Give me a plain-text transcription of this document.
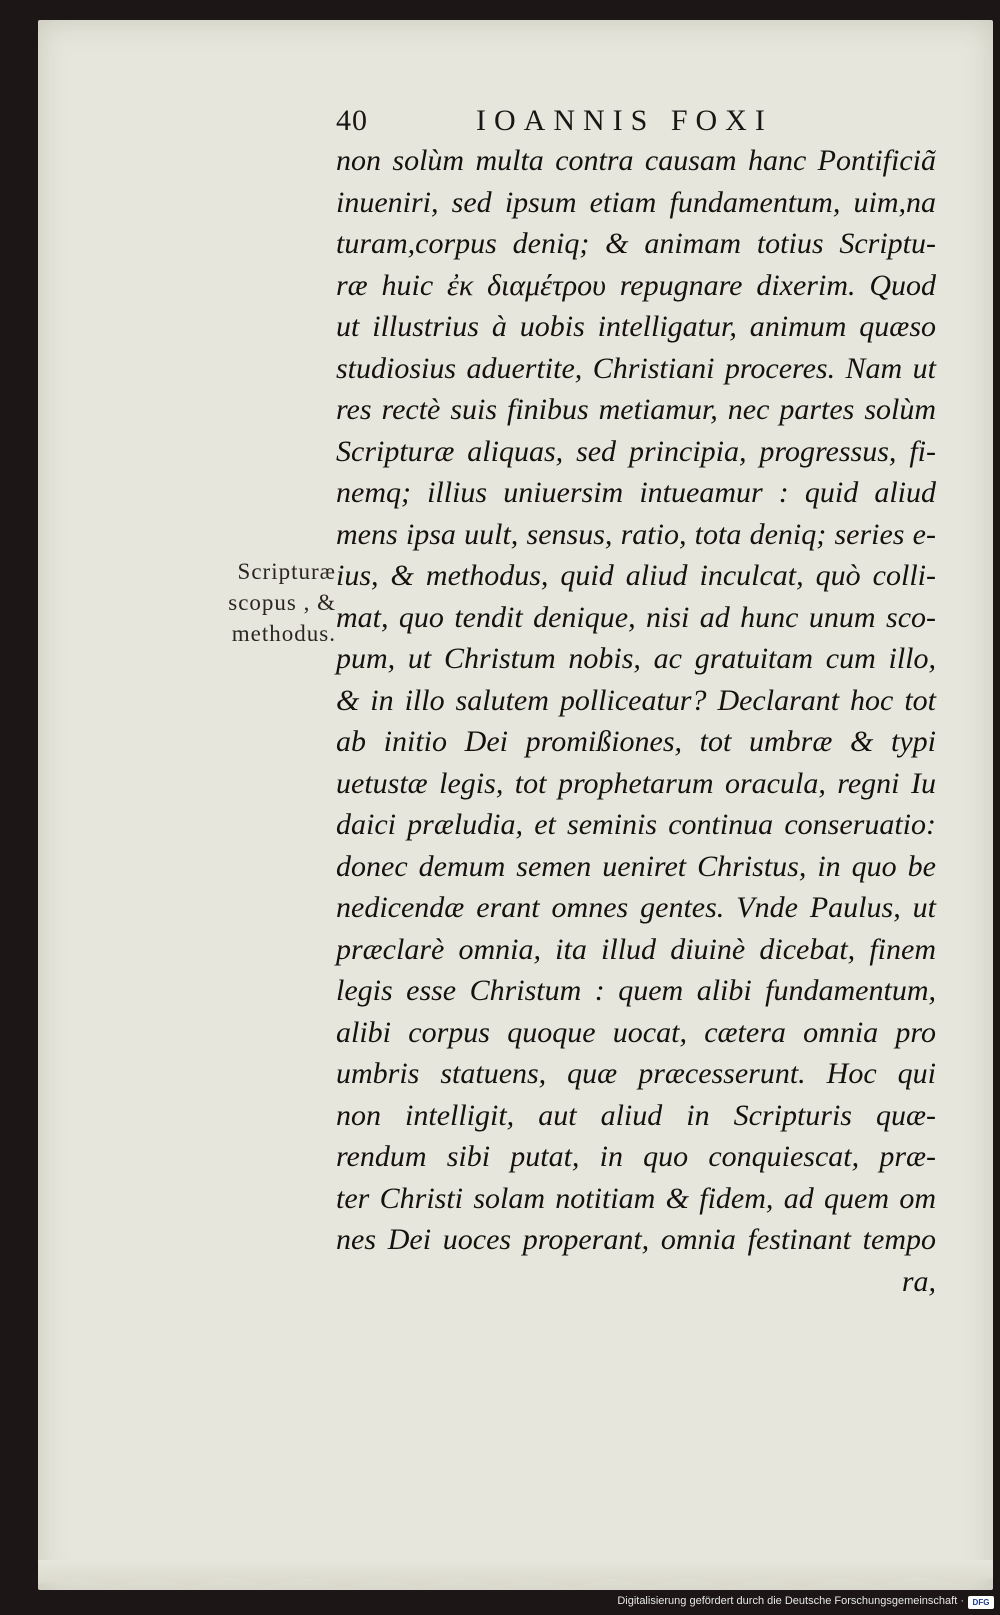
40	IOANNIS FOXI
non solùm multa contra causam hanc Pontificiã
inueniri, sed ipsum etiam fundamentum, uim,na
turam,corpus deniq; & animam totius Scriptu-
ræ huic ἐκ διαμέτρου repugnare dixerim. Quod
ut illustrius à uobis intelligatur, animum quæso
studiosius aduertite, Christiani proceres. Nam ut
res rectè suis finibus metiamur, nec partes solùm
Scripturæ aliquas, sed principia, progressus, fi-
nemq; illius uniuersim intueamur : quid aliud
mens ipsa uult, sensus, ratio, tota deniq; series e-
ius, & methodus, quid aliud inculcat, quò colli-
mat, quo tendit denique, nisi ad hunc unum sco-
pum, ut Christum nobis, ac gratuitam cum illo,
& in illo salutem polliceatur? Declarant hoc tot
ab initio Dei promißiones, tot umbræ & typi
uetustæ legis, tot prophetarum oracula, regni Iu
daici præludia, et seminis continua conseruatio:
donec demum semen ueniret Christus, in quo be
nedicendæ erant omnes gentes. Vnde Paulus, ut
præclarè omnia, ita illud diuinè dicebat, finem
legis esse Christum : quem alibi fundamentum,
alibi corpus quoque uocat, cætera omnia pro
umbris statuens, quæ præcesserunt. Hoc qui
non intelligit, aut aliud in Scripturis quæ-
rendum sibi putat, in quo conquiescat, præ-
ter Christi solam notitiam & fidem, ad quem om
nes Dei uoces properant, omnia festinant tempo
ra,
Scripturæ
scopus , &
methodus.
Digitalisierung gefördert durch die Deutsche Forschungsgemeinschaft ·	DFG
